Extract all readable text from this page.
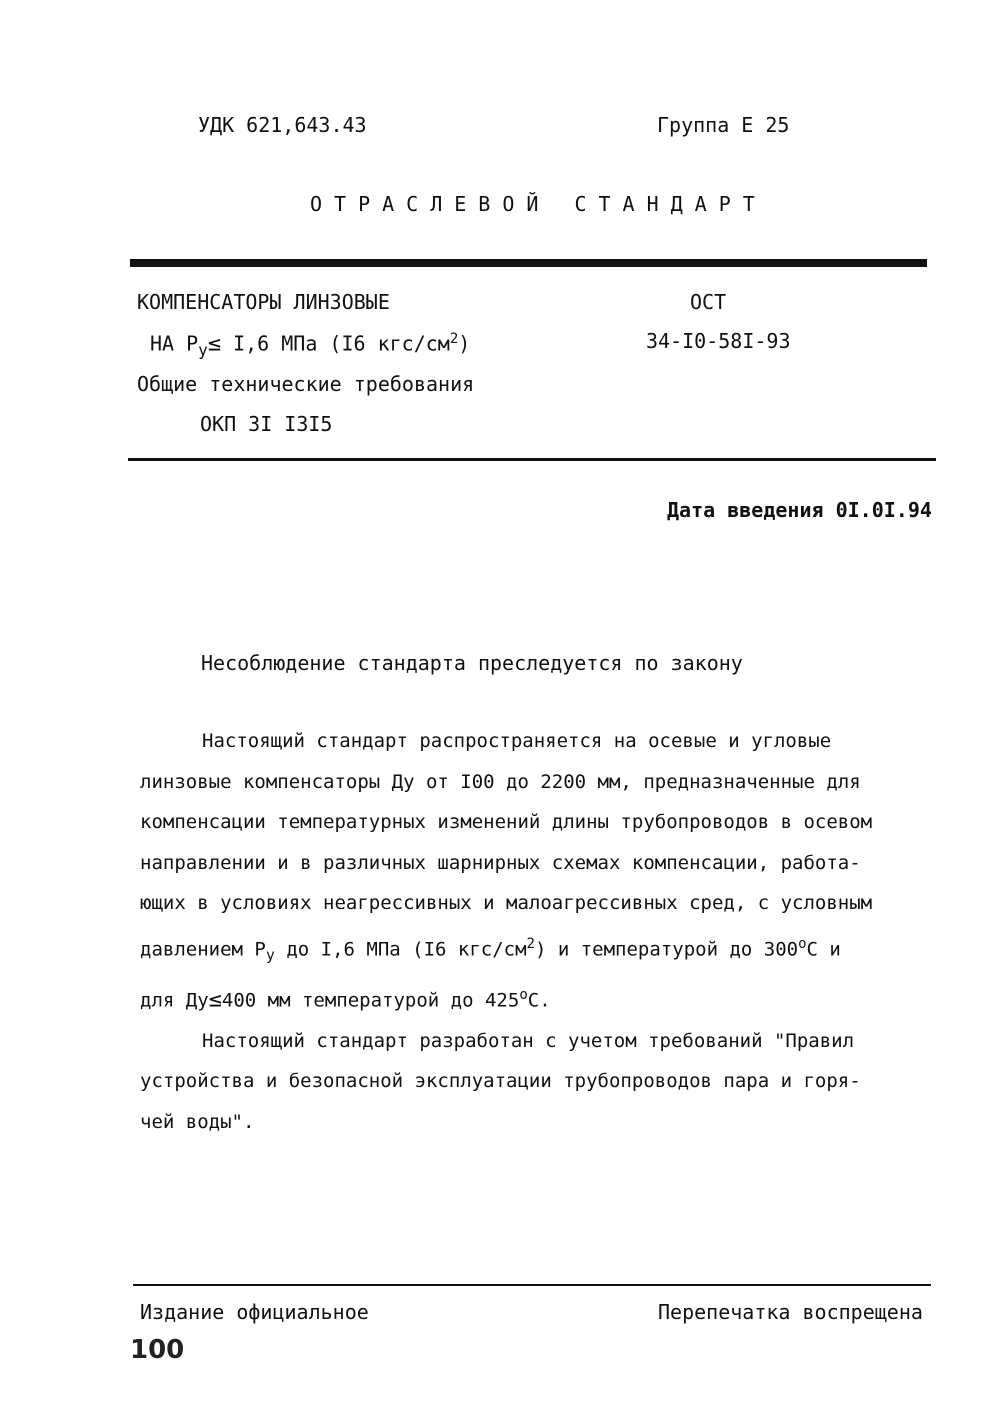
УДК 621,643.43	Группа Е 25
ОТРАСЛЕВОЙ СТАНДАРТ
КОМПЕНСАТОРЫ ЛИНЗОВЫЕ
НА $P_у\le I,6$ МПа (I6 кгс/$см^2$)
Общие технические требования
ОКП 3I I3I5
ОСТ
34-I0-58I-93
Дата введения 0I.0I.94
Несоблюдение стандарта преследуется по закону

Настоящий стандарт распространяется на осевые и угловые

линзовые компенсаторы Ду от I00 до 2200 мм, предназначенные для

компенсации температурных изменений длины трубопроводов в осевом

направлении и в различных шарнирных схемах компенсации, работа-

ющих в условиях неагрессивных и малоагрессивных сред, с условным

давлением $P_у$ до I,6 МПа (I6 кгс/$см^2$) и температурой до $300^оС$ и

для Ду≤400 мм температурой до $425^оС$.

Настоящий стандарт разработан с учетом требований "Правил

устройства и безопасной эксплуатации трубопроводов пара и горя-

чей воды".

Издание официальное	Перепечатка воспрещена
100
